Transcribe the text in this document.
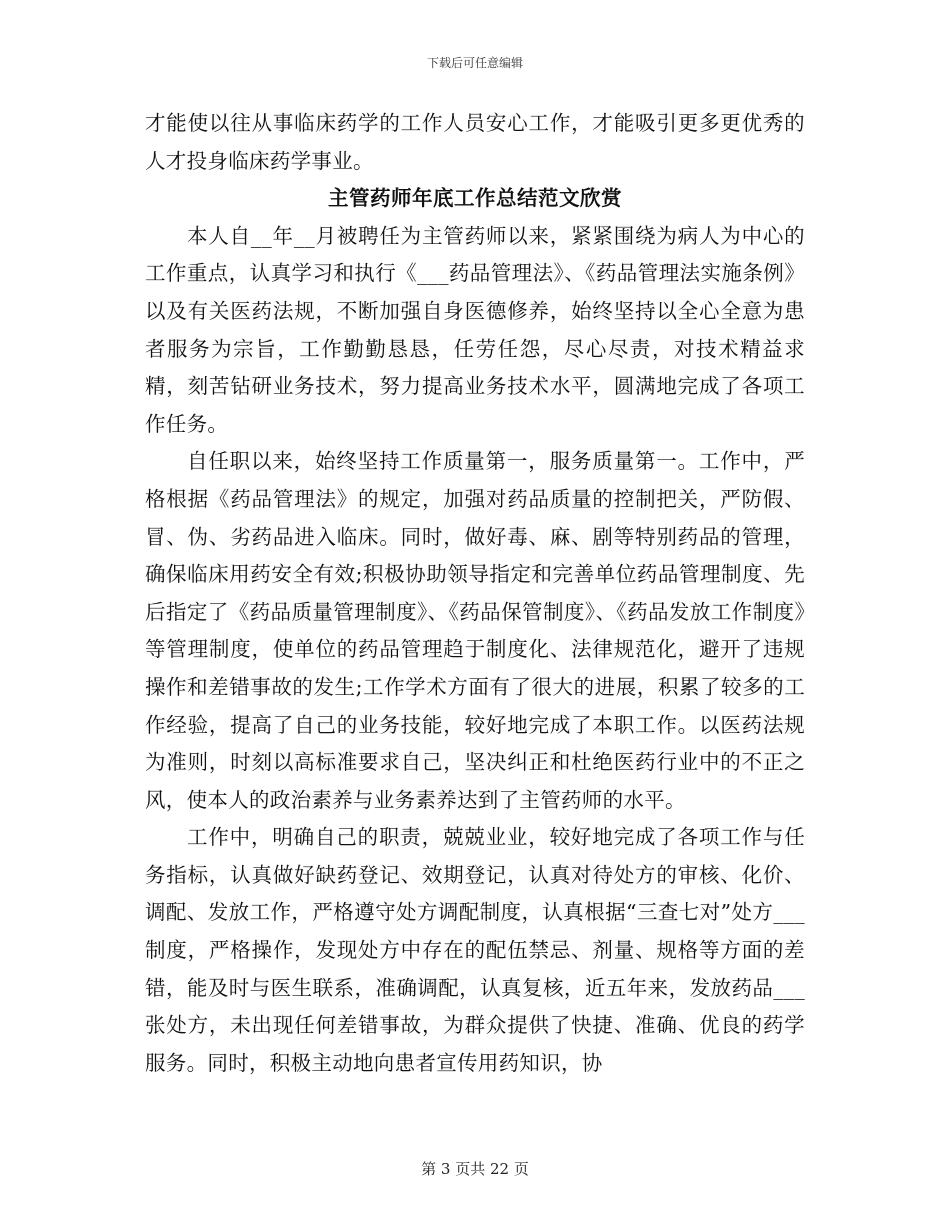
下载后可任意编辑

才能使以往从事临床药学的工作人员安心工作，才能吸引更多更优秀的人才投身临床药学事业。

主管药师年底工作总结范文欣赏

本人自__年__月被聘任为主管药师以来，紧紧围绕为病人为中心的工作重点，认真学习和执行《___药品管理法》、《药品管理法实施条例》以及有关医药法规，不断加强自身医德修养，始终坚持以全心全意为患者服务为宗旨，工作勤勤恳恳，任劳任怨，尽心尽责，对技术精益求精，刻苦钻研业务技术，努力提高业务技术水平，圆满地完成了各项工作任务。

自任职以来，始终坚持工作质量第一，服务质量第一。工作中，严格根据《药品管理法》的规定，加强对药品质量的控制把关，严防假、冒、伪、劣药品进入临床。同时，做好毒、麻、剧等特别药品的管理，确保临床用药安全有效;积极协助领导指定和完善单位药品管理制度、先后指定了《药品质量管理制度》、《药品保管制度》、《药品发放工作制度》等管理制度，使单位的药品管理趋于制度化、法律规范化，避开了违规操作和差错事故的发生;工作学术方面有了很大的进展，积累了较多的工作经验，提高了自己的业务技能，较好地完成了本职工作。以医药法规为准则，时刻以高标准要求自己，坚决纠正和杜绝医药行业中的不正之风，使本人的政治素养与业务素养达到了主管药师的水平。

工作中，明确自己的职责，兢兢业业，较好地完成了各项工作与任务指标，认真做好缺药登记、效期登记，认真对待处方的审核、化价、调配、发放工作，严格遵守处方调配制度，认真根据“三查七对”处方___制度，严格操作，发现处方中存在的配伍禁忌、剂量、规格等方面的差错，能及时与医生联系，准确调配，认真复核，近五年来，发放药品___张处方，未出现任何差错事故，为群众提供了快捷、准确、优良的药学服务。同时，积极主动地向患者宣传用药知识，协

第 3 页共 22 页
